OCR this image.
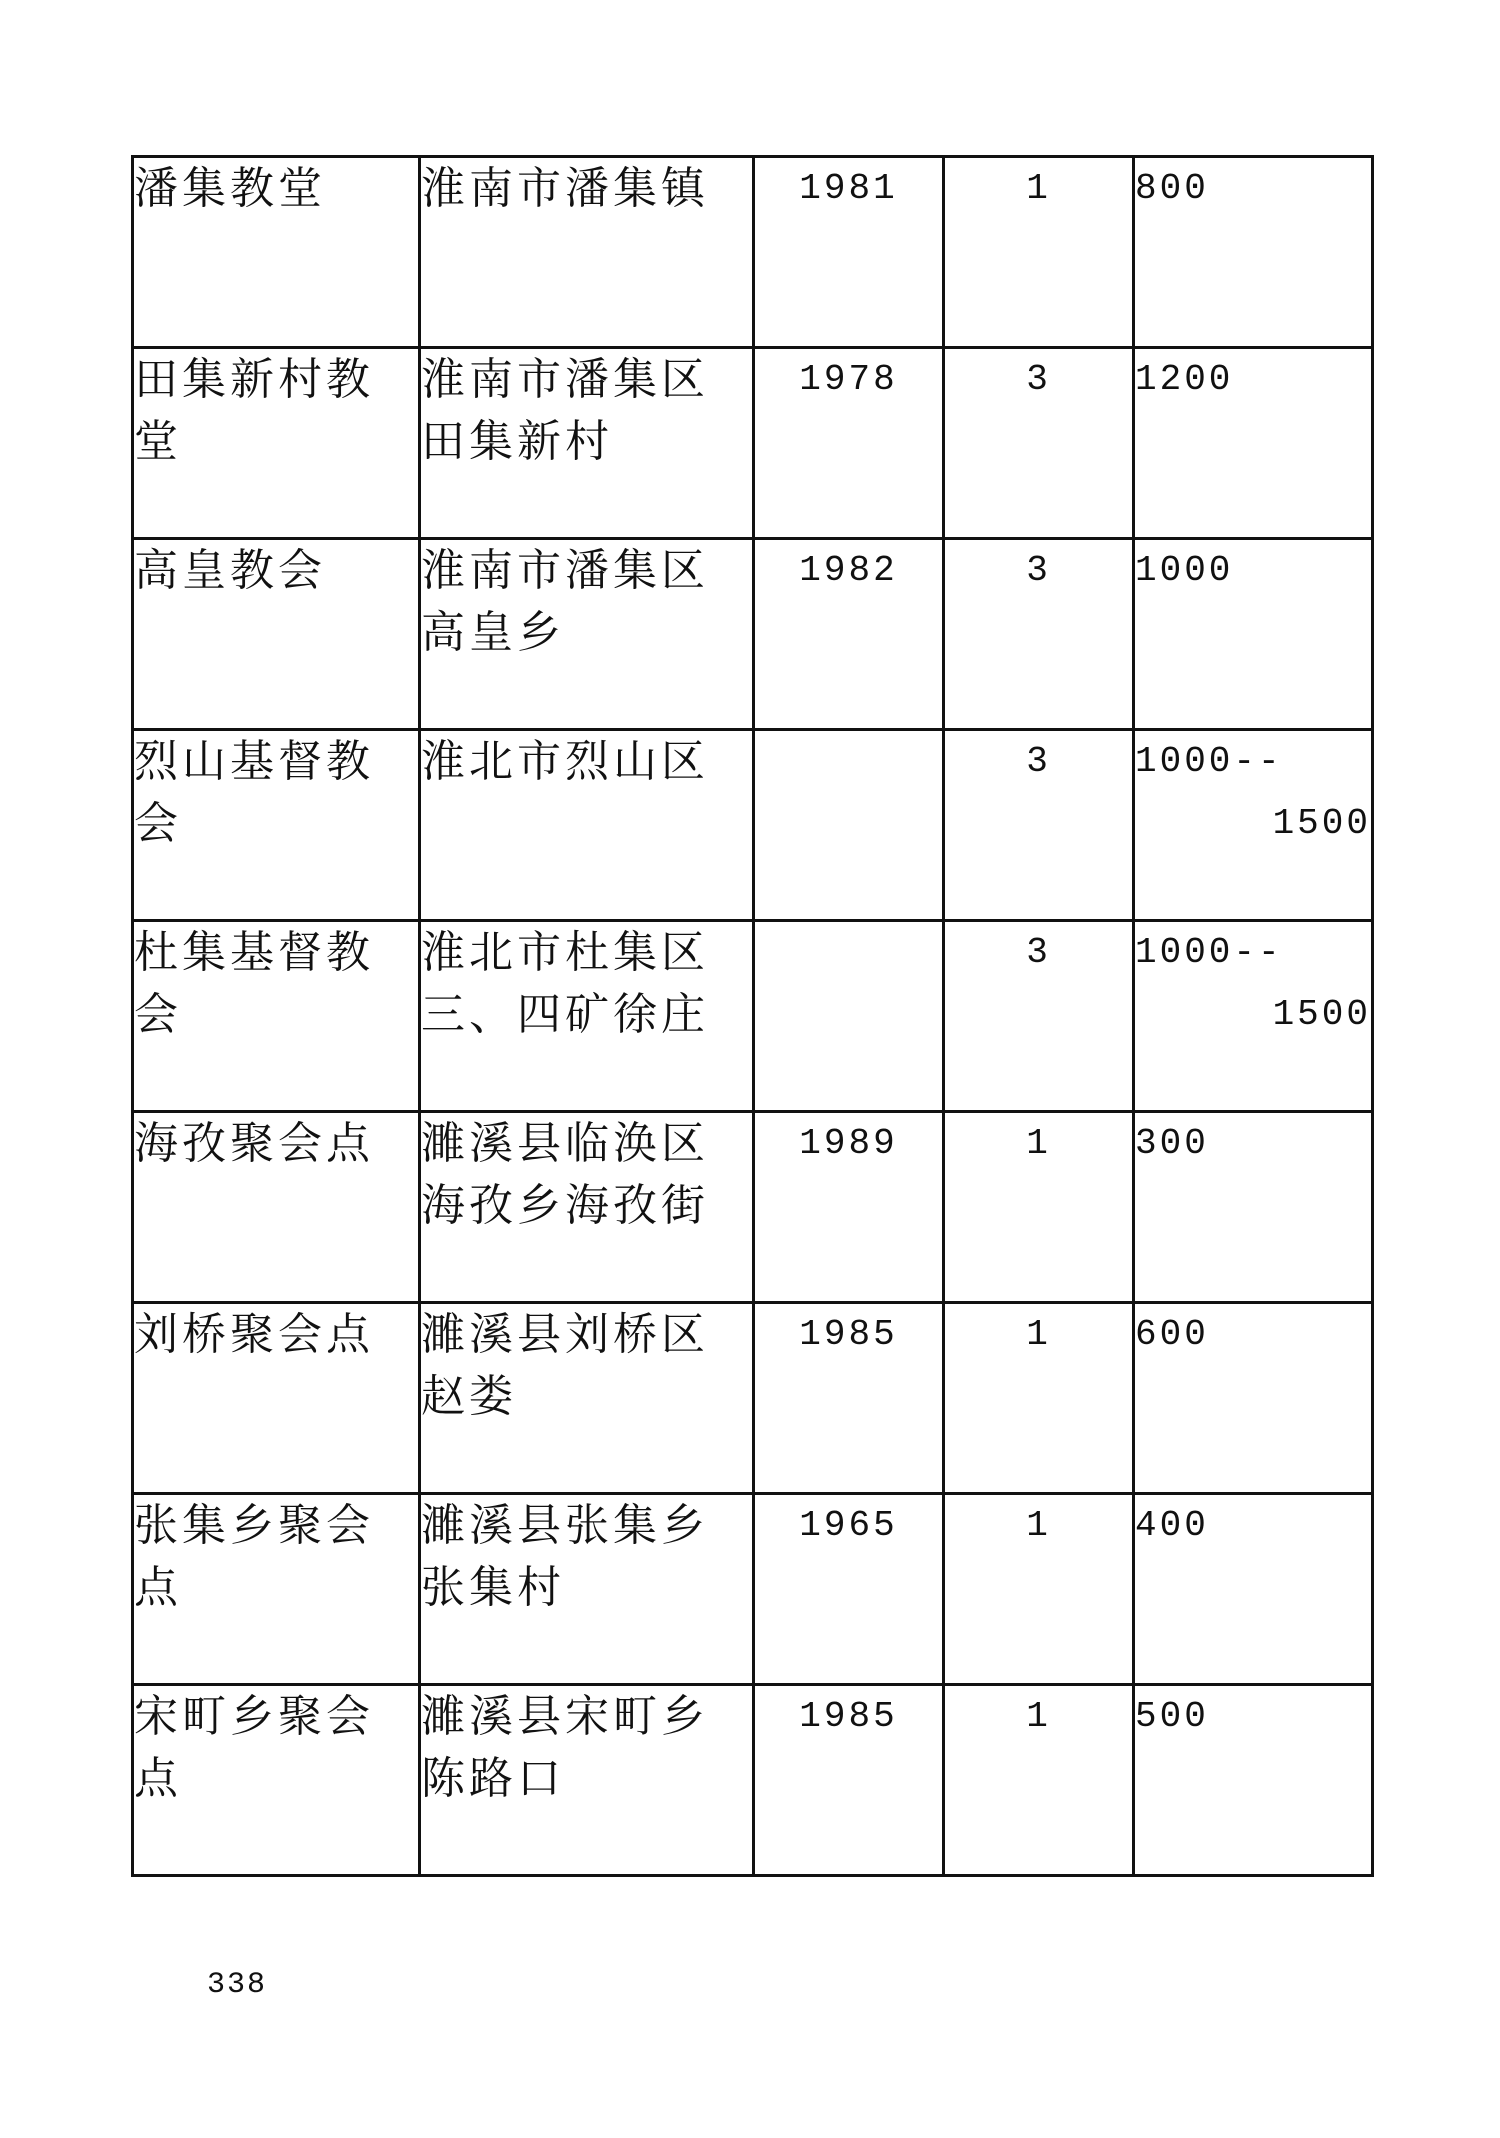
潘集教堂	淮南市潘集镇	1981	1	800

田集新村教堂	淮南市潘集区田集新村	1978	3	1200

高皇教会	淮南市潘集区高皇乡	1982	3	1000

烈山基督教会	淮北市烈山区		3	1000--
1500

杜集基督教会	淮北市杜集区三、四矿徐庄		3	1000--
1500

海孜聚会点	濉溪县临涣区海孜乡海孜街	1989	1	300

刘桥聚会点	濉溪县刘桥区赵娄	1985	1	600

张集乡聚会点	濉溪县张集乡张集村	1965	1	400

宋町乡聚会点	濉溪县宋町乡陈路口	1985	1	500
338
